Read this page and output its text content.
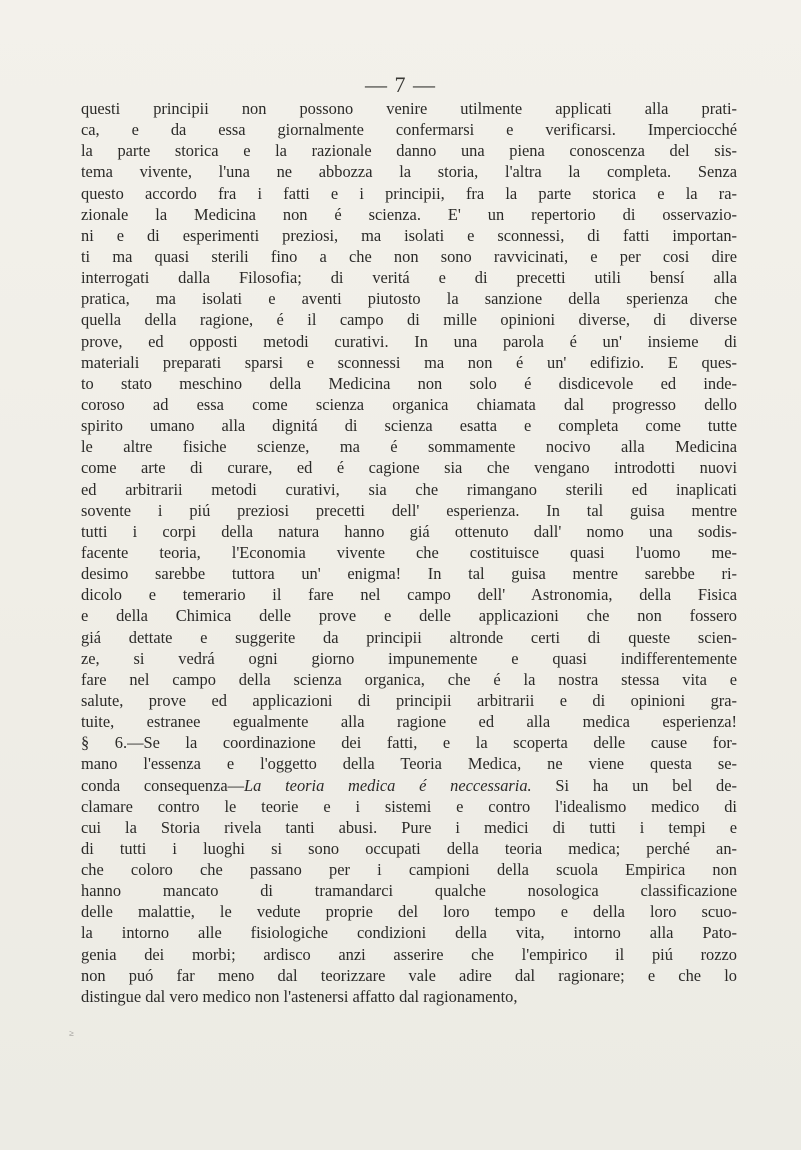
— 7 —
questi principii non possono venire utilmente applicati alla prati-
ca, e da essa giornalmente confermarsi e verificarsi. Imperciocché
la parte storica e la razionale danno una piena conoscenza del sis-
tema vivente, l'una ne abbozza la storia, l'altra la completa. Senza
questo accordo fra i fatti e i principii, fra la parte storica e la ra-
zionale la Medicina non é scienza. E' un repertorio di osservazio-
ni e di esperimenti preziosi, ma isolati e sconnessi, di fatti importan-
ti ma quasi sterili fino a che non sono ravvicinati, e per cosi dire
interrogati dalla Filosofia; di veritá e di precetti utili bensí alla
pratica, ma isolati e aventi piutosto la sanzione della sperienza che
quella della ragione, é il campo di mille opinioni diverse, di diverse
prove, ed opposti metodi curativi. In una parola é un' insieme di
materiali preparati sparsi e sconnessi ma non é un' edifizio. E ques-
to stato meschino della Medicina non solo é disdicevole ed inde-
coroso ad essa come scienza organica chiamata dal progresso dello
spirito umano alla dignitá di scienza esatta e completa come tutte
le altre fisiche scienze, ma é sommamente nocivo alla Medicina
come arte di curare, ed é cagione sia che vengano introdotti nuovi
ed arbitrarii metodi curativi, sia che rimangano sterili ed inaplicati
sovente i piú preziosi precetti dell' esperienza. In tal guisa mentre
tutti i corpi della natura hanno giá ottenuto dall' nomo una sodis-
facente teoria, l'Economia vivente che costituisce quasi l'uomo me-
desimo sarebbe tuttora un' enigma! In tal guisa mentre sarebbe ri-
dicolo e temerario il fare nel campo dell' Astronomia, della Fisica
e della Chimica delle prove e delle applicazioni che non fossero
giá dettate e suggerite da principii altronde certi di queste scien-
ze, si vedrá ogni giorno impunemente e quasi indifferentemente
fare nel campo della scienza organica, che é la nostra stessa vita e
salute, prove ed applicazioni di principii arbitrarii e di opinioni gra-
tuite, estranee egualmente alla ragione ed alla medica esperienza!
§ 6.—Se la coordinazione dei fatti, e la scoperta delle cause for-
mano l'essenza e l'oggetto della Teoria Medica, ne viene questa se-
conda consequenza—La teoria medica é neccessaria. Si ha un bel de-
clamare contro le teorie e i sistemi e contro l'idealismo medico di
cui la Storia rivela tanti abusi. Pure i medici di tutti i tempi e
di tutti i luoghi si sono occupati della teoria medica; perché an-
che coloro che passano per i campioni della scuola Empirica non
hanno mancato di tramandarci qualche nosologica classificazione
delle malattie, le vedute proprie del loro tempo e della loro scuo-
la intorno alle fisiologiche condizioni della vita, intorno alla Pato-
genia dei morbi; ardisco anzi asserire che l'empirico il piú rozzo
non puó far meno dal teorizzare vale adire dal ragionare; e che lo
distingue dal vero medico non l'astenersi affatto dal ragionamento,
≥
